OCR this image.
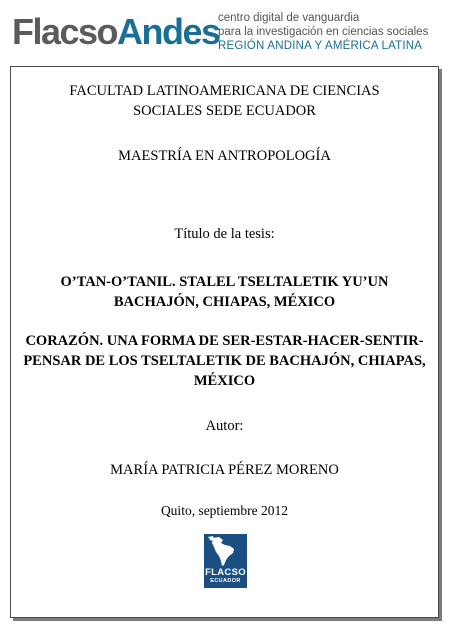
FlacsoAndes
centro digital de vanguardia
para la investigación en ciencias sociales
REGIÓN ANDINA Y AMÉRICA LATINA
FACULTAD LATINOAMERICANA DE CIENCIAS SOCIALES SEDE ECUADOR
MAESTRÍA EN ANTROPOLOGÍA
Título de la tesis:
O’TAN-O’TANIL. STALEL TSELTALETIK YU’UN BACHAJÓN, CHIAPAS, MÉXICO
CORAZÓN. UNA FORMA DE SER-ESTAR-HACER-SENTIR-PENSAR DE LOS TSELTALETIK DE BACHAJÓN, CHIAPAS, MÉXICO
Autor:
MARÍA PATRICIA PÉREZ MORENO
Quito, septiembre 2012
FLACSO
ECUADOR
